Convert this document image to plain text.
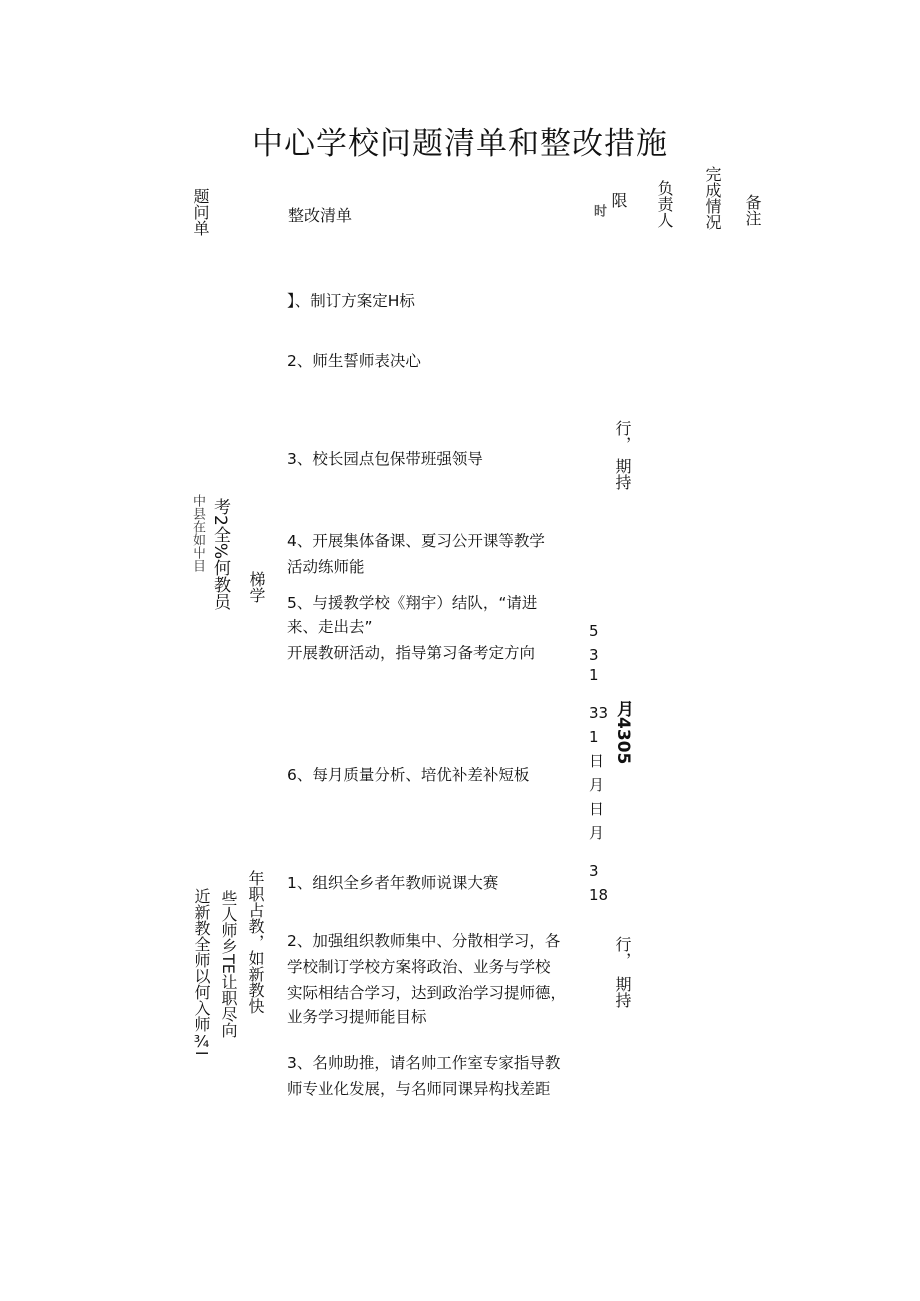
中心学校问题清单和整改措施
题问单	整改清单
限
时	负责人 完成情况 备注
考2全%何教员
中县在如屮目
梯学
】、制订方案定H标
2、师生誓师表决心
3、校长园点包保带班强领导
4、开展集体备课、夏习公开课等教学
活动练师能
5、与援教学校《翔宇）结队，“请进
来、走出去”
开展教研活动，指导第习备考定方向
6、每月质量分析、培优补差补短板
行，
期持
5
3
1
33
1
日
月
日
月
3
18
月4305
年职占教，如新教快
些人师乡TE让职尽向
近新教全师以何入师¾l
1、组织全乡者年教师说课大赛
2、加强组织教师集中、分散相学习，各
学校制订学校方案将政治、业务与学校
实际相结合学习，达到政治学习提师德，
业务学习提师能目标
3、名帅助推，请名帅工作室专家指导教
师专业化发展，与名师同课异构找差距
行，
期持
